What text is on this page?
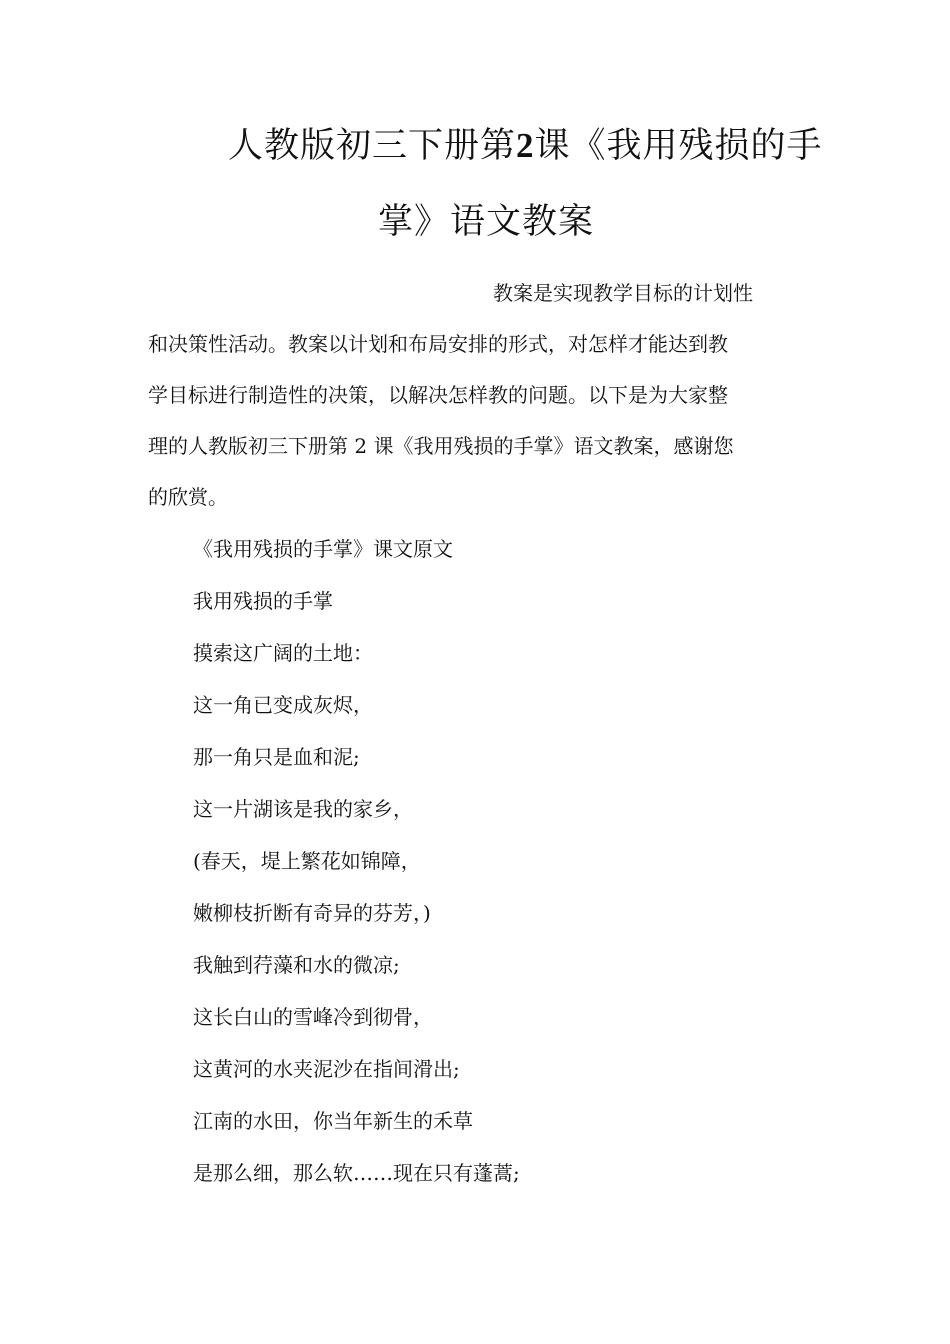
人教版初三下册第2课《我用残损的手
掌》语文教案
教案是实现教学目标的计划性
和决策性活动。教案以计划和布局安排的形式，对怎样才能达到教
学目标进行制造性的决策，以解决怎样教的问题。以下是为大家整
理的人教版初三下册第 2 课《我用残损的手掌》语文教案，感谢您
的欣赏。
《我用残损的手掌》课文原文
我用残损的手掌
摸索这广阔的土地：
这一角已变成灰烬，
那一角只是血和泥;
这一片湖该是我的家乡，
(春天，堤上繁花如锦障，
嫩柳枝折断有奇异的芬芳，)
我触到荇藻和水的微凉;
这长白山的雪峰冷到彻骨，
这黄河的水夹泥沙在指间滑出;
江南的水田，你当年新生的禾草
是那么细，那么软……现在只有蓬蒿;
